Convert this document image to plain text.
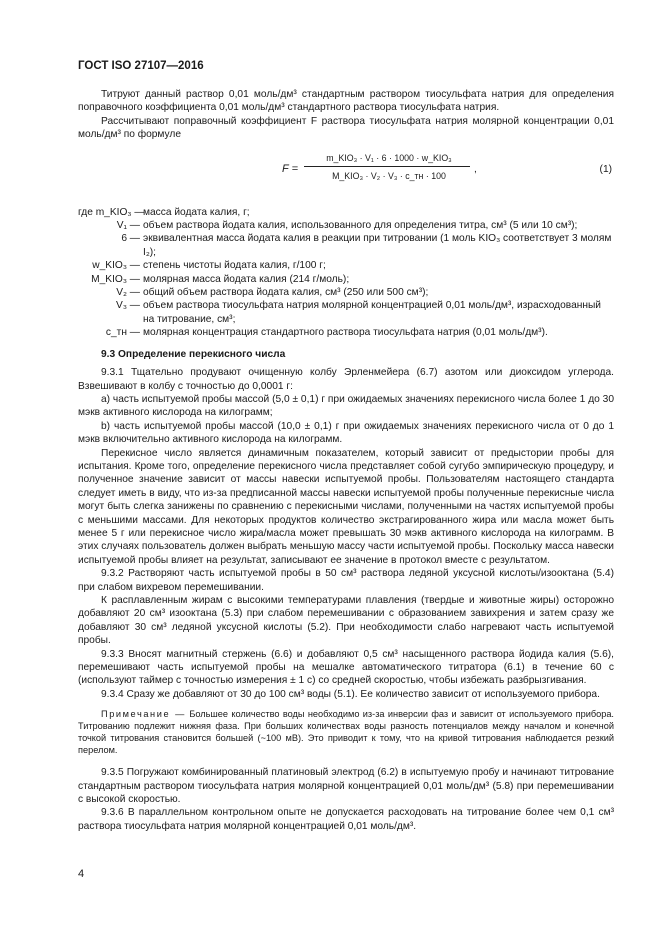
ГОСТ ISO 27107—2016

Титруют данный раствор 0,01 моль/дм³ стандартным раствором тиосульфата натрия для определения поправочного коэффициента 0,01 моль/дм³ стандартного раствора тиосульфата натрия.

Рассчитывают поправочный коэффициент F раствора тиосульфата натрия молярной концентрации 0,01 моль/дм³ по формуле

F =
m_KIO₃ · V₁ · 6 · 1000 · w_KIO₃
M_KIO₃ · V₂ · V₃ · c_тн · 100
,	(1)
где m_KIO₃ —
масса йодата калия, г;
V₁ — объем раствора йодата калия, использованного для определения титра, см³ (5 или 10 см³);
6 — эквивалентная масса йодата калия в реакции при титровании (1 моль KIO₃ соответствует 3 молям I₂);
w_KIO₃ — степень чистоты йодата калия, г/100 г;
M_KIO₃ — молярная масса йодата калия (214 г/моль);
V₂ — общий объем раствора йодата калия, см³ (250 или 500 см³);
V₃ — объем раствора тиосульфата натрия молярной концентрацией 0,01 моль/дм³, израсходованный на титрование, см³;
c_тн — молярная концентрация стандартного раствора тиосульфата натрия (0,01 моль/дм³).
9.3 Определение перекисного числа

9.3.1 Тщательно продувают очищенную колбу Эрленмейера (6.7) азотом или диоксидом углерода. Взвешивают в колбу с точностью до 0,0001 г:

a) часть испытуемой пробы массой (5,0 ± 0,1) г при ожидаемых значениях перекисного числа более 1 до 30 мэкв активного кислорода на килограмм;

b) часть испытуемой пробы массой (10,0 ± 0,1) г при ожидаемых значениях перекисного числа от 0 до 1 мэкв включительно активного кислорода на килограмм.

Перекисное число является динамичным показателем, который зависит от предыстории пробы для испытания. Кроме того, определение перекисного числа представляет собой сугубо эмпирическую процедуру, и полученное значение зависит от массы навески испытуемой пробы. Пользователям настоящего стандарта следует иметь в виду, что из-за предписанной массы навески испытуемой пробы полученные перекисные числа могут быть слегка занижены по сравнению с перекисными числами, полученными на частях испытуемой пробы с меньшими массами. Для некоторых продуктов количество экстрагированного жира или масла может быть менее 5 г или перекисное число жира/масла может превышать 30 мэкв активного кислорода на килограмм. В этих случаях пользователь должен выбрать меньшую массу части испытуемой пробы. Поскольку масса навески испытуемой пробы влияет на результат, записывают ее значение в протокол вместе с результатом.

9.3.2 Растворяют часть испытуемой пробы в 50 см³ раствора ледяной уксусной кислоты/изооктана (5.4) при слабом вихревом перемешивании.

К расплавленным жирам с высокими температурами плавления (твердые и животные жиры) осторожно добавляют 20 см³ изооктана (5.3) при слабом перемешивании с образованием завихрения и затем сразу же добавляют 30 см³ ледяной уксусной кислоты (5.2). При необходимости слабо нагревают часть испытуемой пробы.

9.3.3 Вносят магнитный стержень (6.6) и добавляют 0,5 см³ насыщенного раствора йодида калия (5.6), перемешивают часть испытуемой пробы на мешалке автоматического титратора (6.1) в течение 60 с (используют таймер с точностью измерения ± 1 с) со средней скоростью, чтобы избежать разбрызгивания.

9.3.4 Сразу же добавляют от 30 до 100 см³ воды (5.1). Ее количество зависит от используемого прибора.

Примечание — Большее количество воды необходимо из-за инверсии фаз и зависит от используемого прибора. Титрованию подлежит нижняя фаза. При больших количествах воды разность потенциалов между началом и конечной точкой титрования становится большей (~100 мВ). Это приводит к тому, что на кривой титрования наблюдается резкий перелом.

9.3.5 Погружают комбинированный платиновый электрод (6.2) в испытуемую пробу и начинают титрование стандартным раствором тиосульфата натрия молярной концентрацией 0,01 моль/дм³ (5.8) при перемешивании с высокой скоростью.

9.3.6 В параллельном контрольном опыте не допускается расходовать на титрование более чем 0,1 см³ раствора тиосульфата натрия молярной концентрацией 0,01 моль/дм³.

4
